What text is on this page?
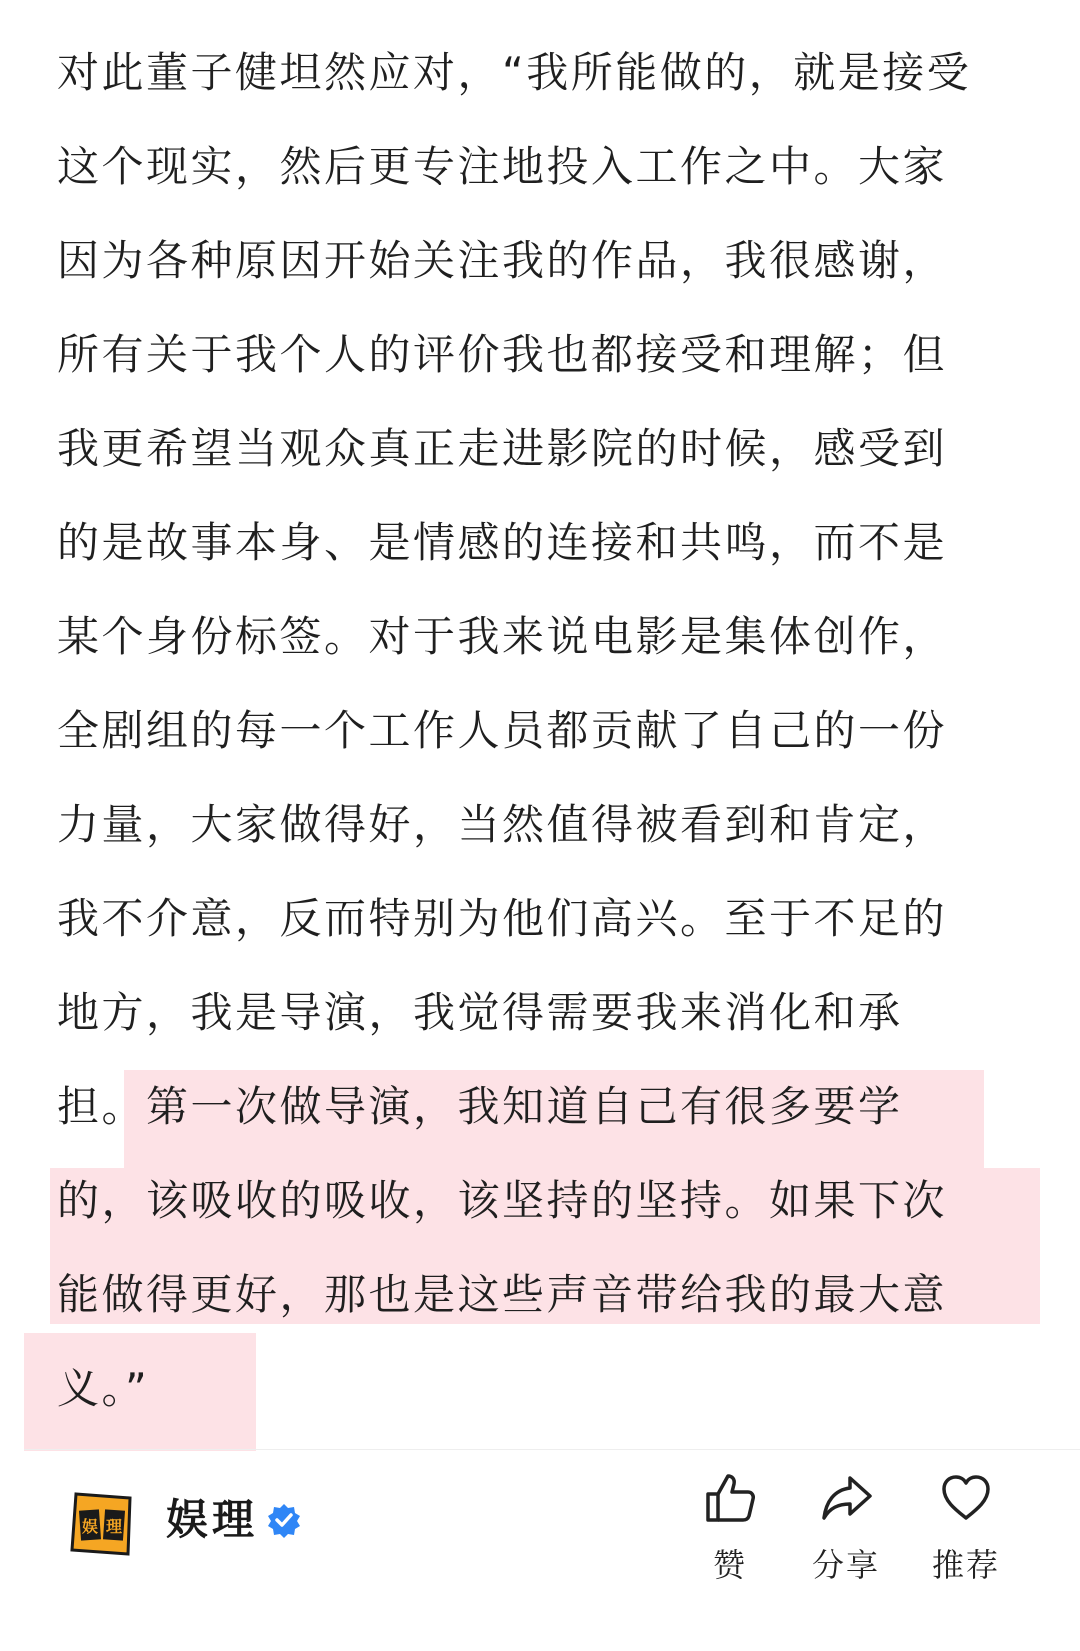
对此董子健坦然应对，“我所能做的，就是接受
这个现实，然后更专注地投入工作之中。大家
因为各种原因开始关注我的作品，我很感谢，
所有关于我个人的评价我也都接受和理解；但
我更希望当观众真正走进影院的时候，感受到
的是故事本身、是情感的连接和共鸣，而不是
某个身份标签。对于我来说电影是集体创作，
全剧组的每一个工作人员都贡献了自己的一份
力量，大家做得好，当然值得被看到和肯定，
我不介意，反而特别为他们高兴。至于不足的
地方，我是导演，我觉得需要我来消化和承
担。第一次做导演，我知道自己有很多要学
的，该吸收的吸收，该坚持的坚持。如果下次
能做得更好，那也是这些声音带给我的最大意
义。”
娱 理 娱理
赞	分享	推荐
